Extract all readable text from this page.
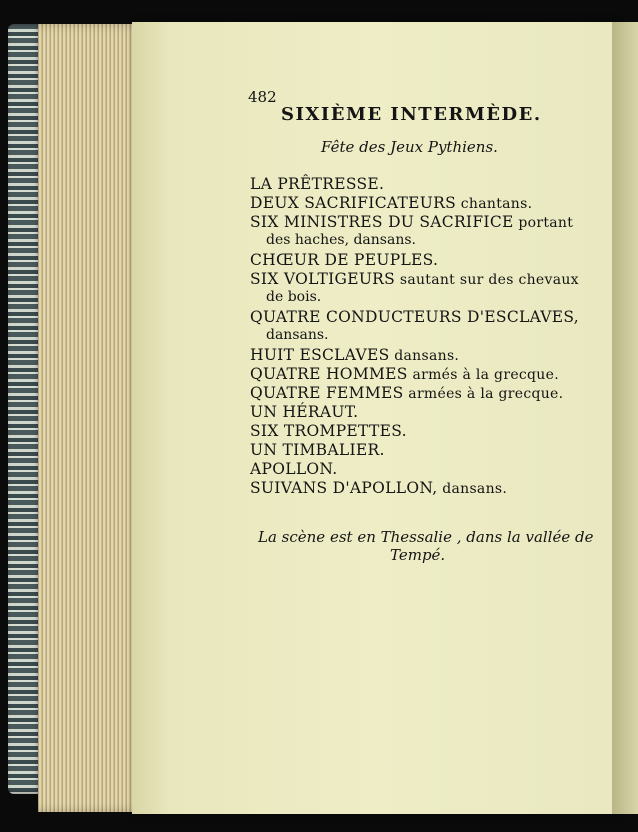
482
SIXIÈME INTERMÈDE.
Fête des Jeux Pythiens.
LA PRÊTRESSE.
DEUX SACRIFICATEURS chantans.
SIX MINISTRES DU SACRIFICE portant
des haches, dansans.
CHŒUR DE PEUPLES.
SIX VOLTIGEURS sautant sur des chevaux
de bois.
QUATRE CONDUCTEURS D'ESCLAVES,
dansans.
HUIT ESCLAVES dansans.
QUATRE HOMMES armés à la grecque.
QUATRE FEMMES armées à la grecque.
UN HÉRAUT.
SIX TROMPETTES.
UN TIMBALIER.
APOLLON.
SUIVANS D'APOLLON, dansans.
La scène est en Thessalie , dans la vallée de
Tempé.
